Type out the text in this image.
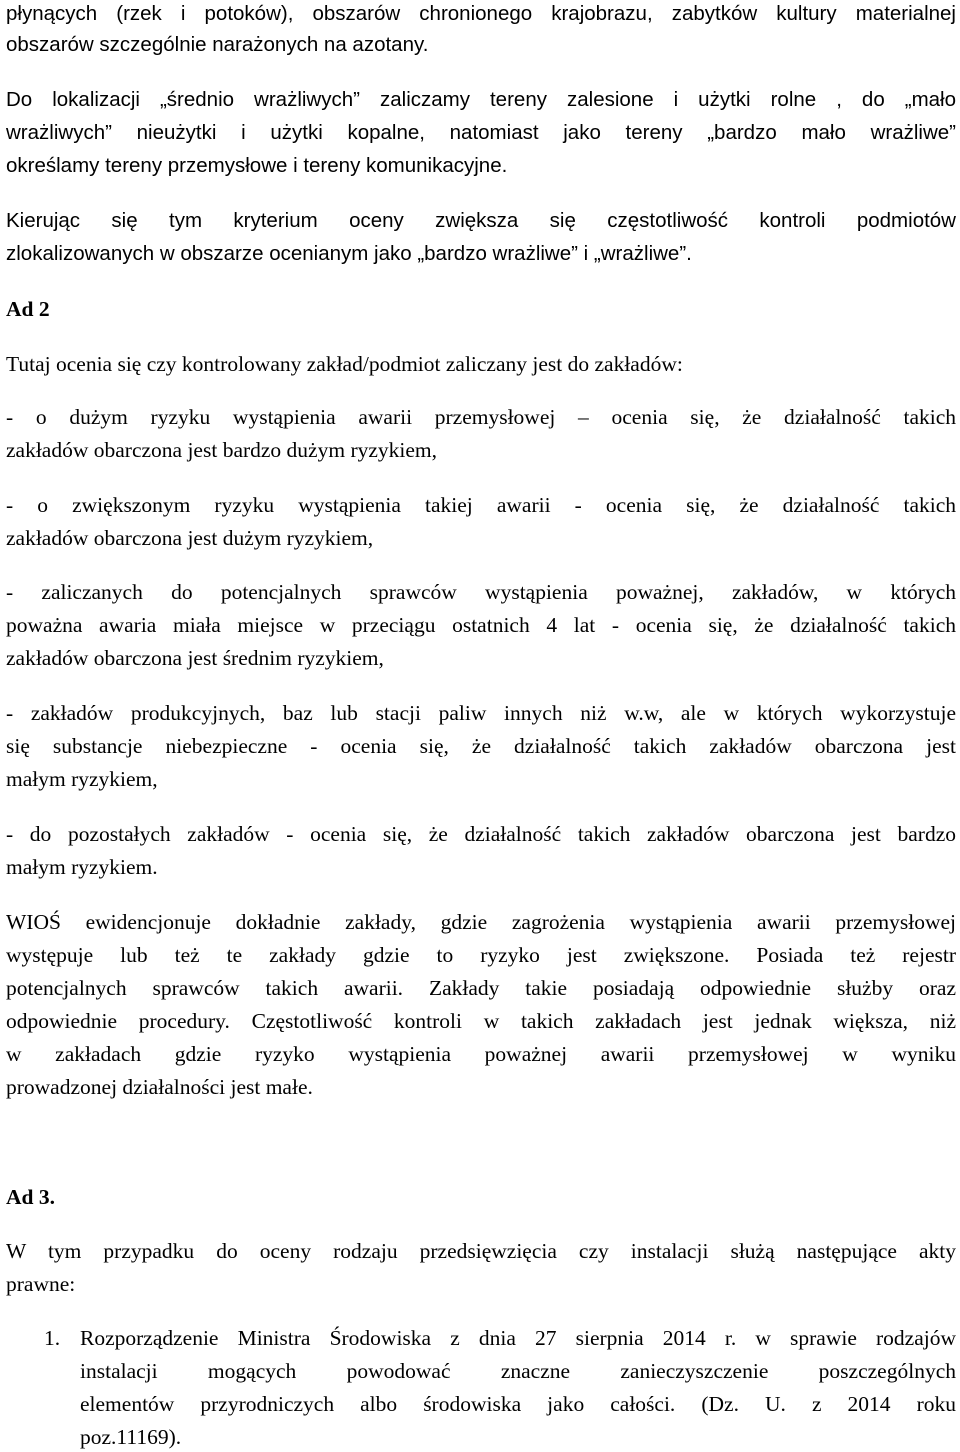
płynących (rzek i potoków), obszarów chronionego krajobrazu, zabytków kultury materialnej
obszarów szczególnie narażonych na azotany.
Do lokalizacji „średnio wrażliwych” zaliczamy tereny zalesione i użytki rolne , do „mało
wrażliwych” nieużytki i użytki kopalne, natomiast jako tereny „bardzo mało wrażliwe”
określamy tereny przemysłowe i tereny komunikacyjne.
Kierując się tym kryterium oceny zwiększa się częstotliwość kontroli podmiotów
zlokalizowanych w obszarze ocenianym jako „bardzo wrażliwe” i „wrażliwe”.
Ad 2
Tutaj ocenia się czy kontrolowany zakład/podmiot zaliczany jest do zakładów:
- o dużym ryzyku wystąpienia awarii przemysłowej – ocenia się, że działalność takich
zakładów obarczona jest bardzo dużym ryzykiem,
- o zwiększonym ryzyku wystąpienia takiej awarii - ocenia się, że działalność takich
zakładów obarczona jest dużym ryzykiem,
- zaliczanych do potencjalnych sprawców wystąpienia poważnej, zakładów, w których
poważna awaria miała miejsce w przeciągu ostatnich 4 lat - ocenia się, że działalność takich
zakładów obarczona jest średnim ryzykiem,
- zakładów produkcyjnych, baz lub stacji paliw innych niż w.w, ale w których wykorzystuje
się substancje niebezpieczne - ocenia się, że działalność takich zakładów obarczona jest
małym ryzykiem,
- do pozostałych zakładów - ocenia się, że działalność takich zakładów obarczona jest bardzo
małym ryzykiem.
WIOŚ ewidencjonuje dokładnie zakłady, gdzie zagrożenia wystąpienia awarii przemysłowej
występuje lub też te zakłady gdzie to ryzyko jest zwiększone. Posiada też rejestr
potencjalnych sprawców takich awarii. Zakłady takie posiadają odpowiednie służby oraz
odpowiednie procedury. Częstotliwość kontroli w takich zakładach jest jednak większa, niż
w zakładach gdzie ryzyko wystąpienia poważnej awarii przemysłowej w wyniku
prowadzonej działalności jest małe.
Ad 3.
W tym przypadku do oceny rodzaju przedsięwzięcia czy instalacji służą następujące akty
prawne:
1. Rozporządzenie Ministra Środowiska z dnia 27 sierpnia 2014 r. w sprawie rodzajów
instalacji mogących powodować znaczne zanieczyszczenie poszczególnych
elementów przyrodniczych albo środowiska jako całości. (Dz. U. z 2014 roku
poz.11169).
